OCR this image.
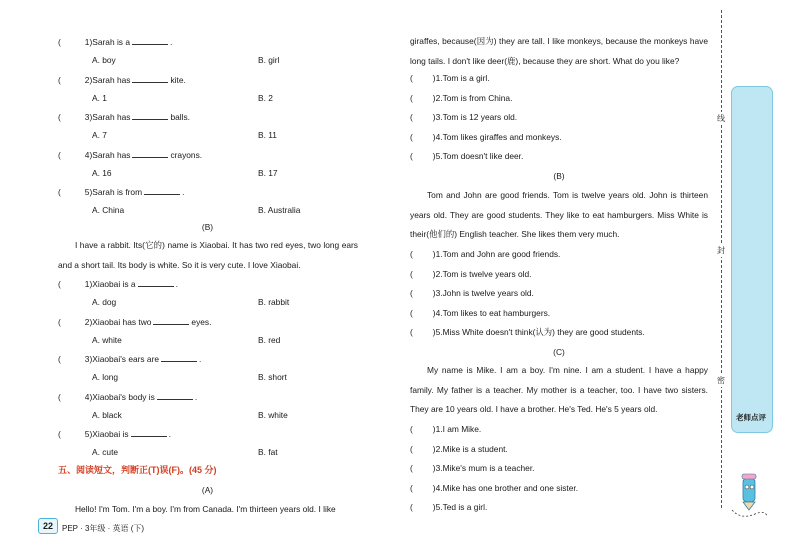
(	1)Sarah is a	.
A. boy	B. girl
(	2)Sarah has	kite.
A. 1	B. 2
(	3)Sarah has	balls.
A. 7	B. 11
(	4)Sarah has	crayons.
A. 16	B. 17
(	5)Sarah is from	.
A. China	B. Australia
(B)
I have a rabbit. Its(它的) name is Xiaobai. It has two red eyes, two long ears and a short tail. Its body is white. So it is very cute. I love Xiaobai.
(	1)Xiaobai is a	.
A. dog	B. rabbit
(	2)Xiaobai has two	eyes.
A. white	B. red
(	3)Xiaobai's ears are	.
A. long	B. short
(	4)Xiaobai's body is	.
A. black	B. white
(	5)Xiaobai is	.
A. cute	B. fat
五、阅读短文，判断正(T)误(F)。(45 分)
(A)
Hello! I'm Tom. I'm a boy. I'm from Canada. I'm thirteen years old. I like
giraffes, because(因为) they are tall. I like monkeys, because the monkeys have long tails. I don't like deer(鹿), because they are short. What do you like?
( )1.Tom is a girl.
( )2.Tom is from China.
( )3.Tom is 12 years old.
( )4.Tom likes giraffes and monkeys.
( )5.Tom doesn't like deer.
(B)
Tom and John are good friends. Tom is twelve years old. John is thirteen years old. They are good students. They like to eat hamburgers. Miss White is their(他们的) English teacher. She likes them very much.
( )1.Tom and John are good friends.
( )2.Tom is twelve years old.
( )3.John is twelve years old.
( )4.Tom likes to eat hamburgers.
( )5.Miss White doesn't think(认为) they are good students.
(C)
My name is Mike. I am a boy. I'm nine. I am a student. I have a happy family. My father is a teacher. My mother is a teacher, too. I have two sisters. They are 10 years old. I have a brother. He's Ted. He's 5 years old.
( )1.I am Mike.
( )2.Mike is a student.
( )3.Mike's mum is a teacher.
( )4.Mike has one brother and one sister.
( )5.Ted is a girl.
线
封
密
老师点评
22	PEP · 3年级 · 英语 (下)
